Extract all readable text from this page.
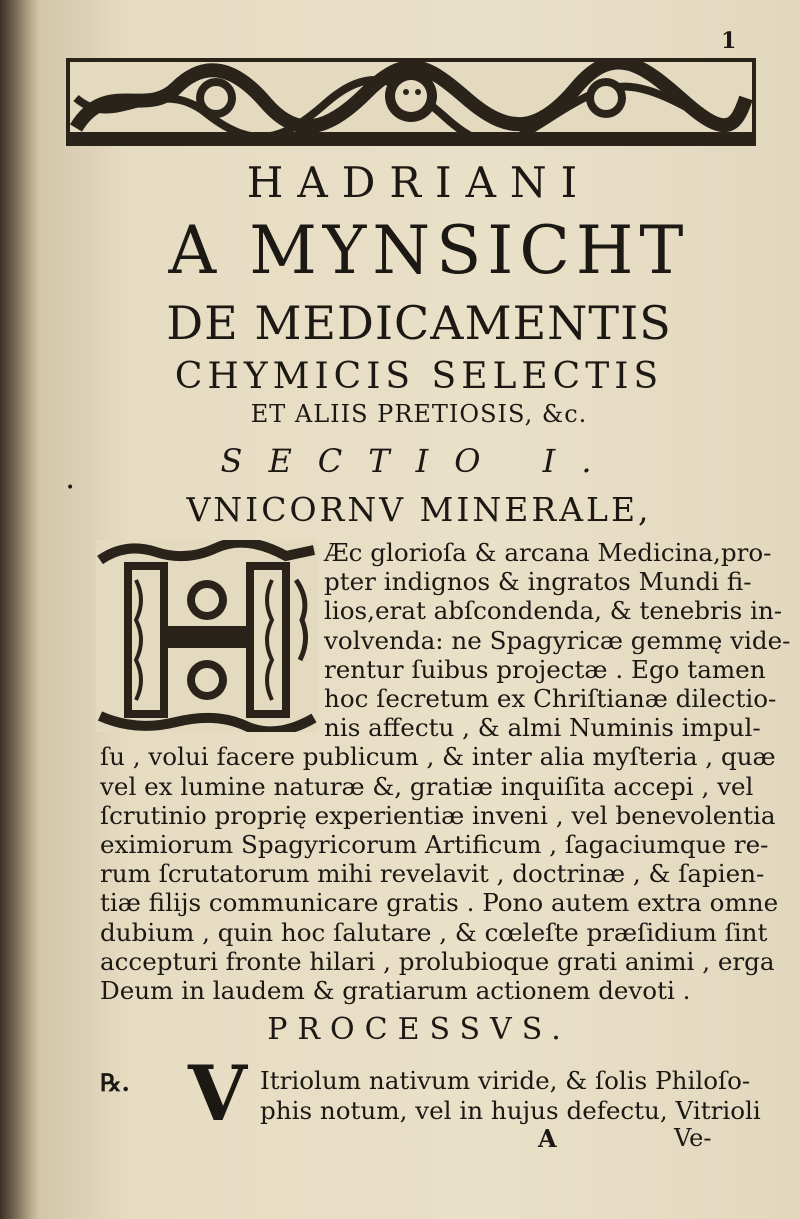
1
HADRIANI
A MYNSICHT
DE MEDICAMENTIS
CHYMICIS SELECTIS
ET ALIIS PRETIOSIS, &c.
SECTIO I.
VNICORNV MINERALE,
•
Æc glorioſa & arcana Medicina,pro-
pter indignos & ingratos Mundi fi-
lios,erat abſcondenda, & tenebris in-
volvenda: ne Spagyricæ gemmę vide-
rentur ſuibus projectæ . Ego tamen
hoc ſecretum ex Chriſtianæ dilectio-
nis affectu , & almi Numinis impul-
ſu , volui facere publicum , & inter alia myſteria , quæ
vel ex lumine naturæ &, gratiæ inquiſita accepi , vel
ſcrutinio proprię experientiæ inveni , vel benevolentia
eximiorum Spagyricorum Artificum , ſagaciumque re-
rum ſcrutatorum mihi revelavit , doctrinæ , & ſapien-
tiæ filijs communicare gratis . Pono autem extra omne
dubium , quin hoc ſalutare , & cœleſte præſidium ſint
accepturi fronte hilari , prolubioque grati animi , erga
Deum in laudem & gratiarum actionem devoti .
PROCESSVS.
℞. V Itriolum nativum viride, & ſolis Philoſo-
phis notum, vel in hujus defectu, Vitrioli
A	Ve-
